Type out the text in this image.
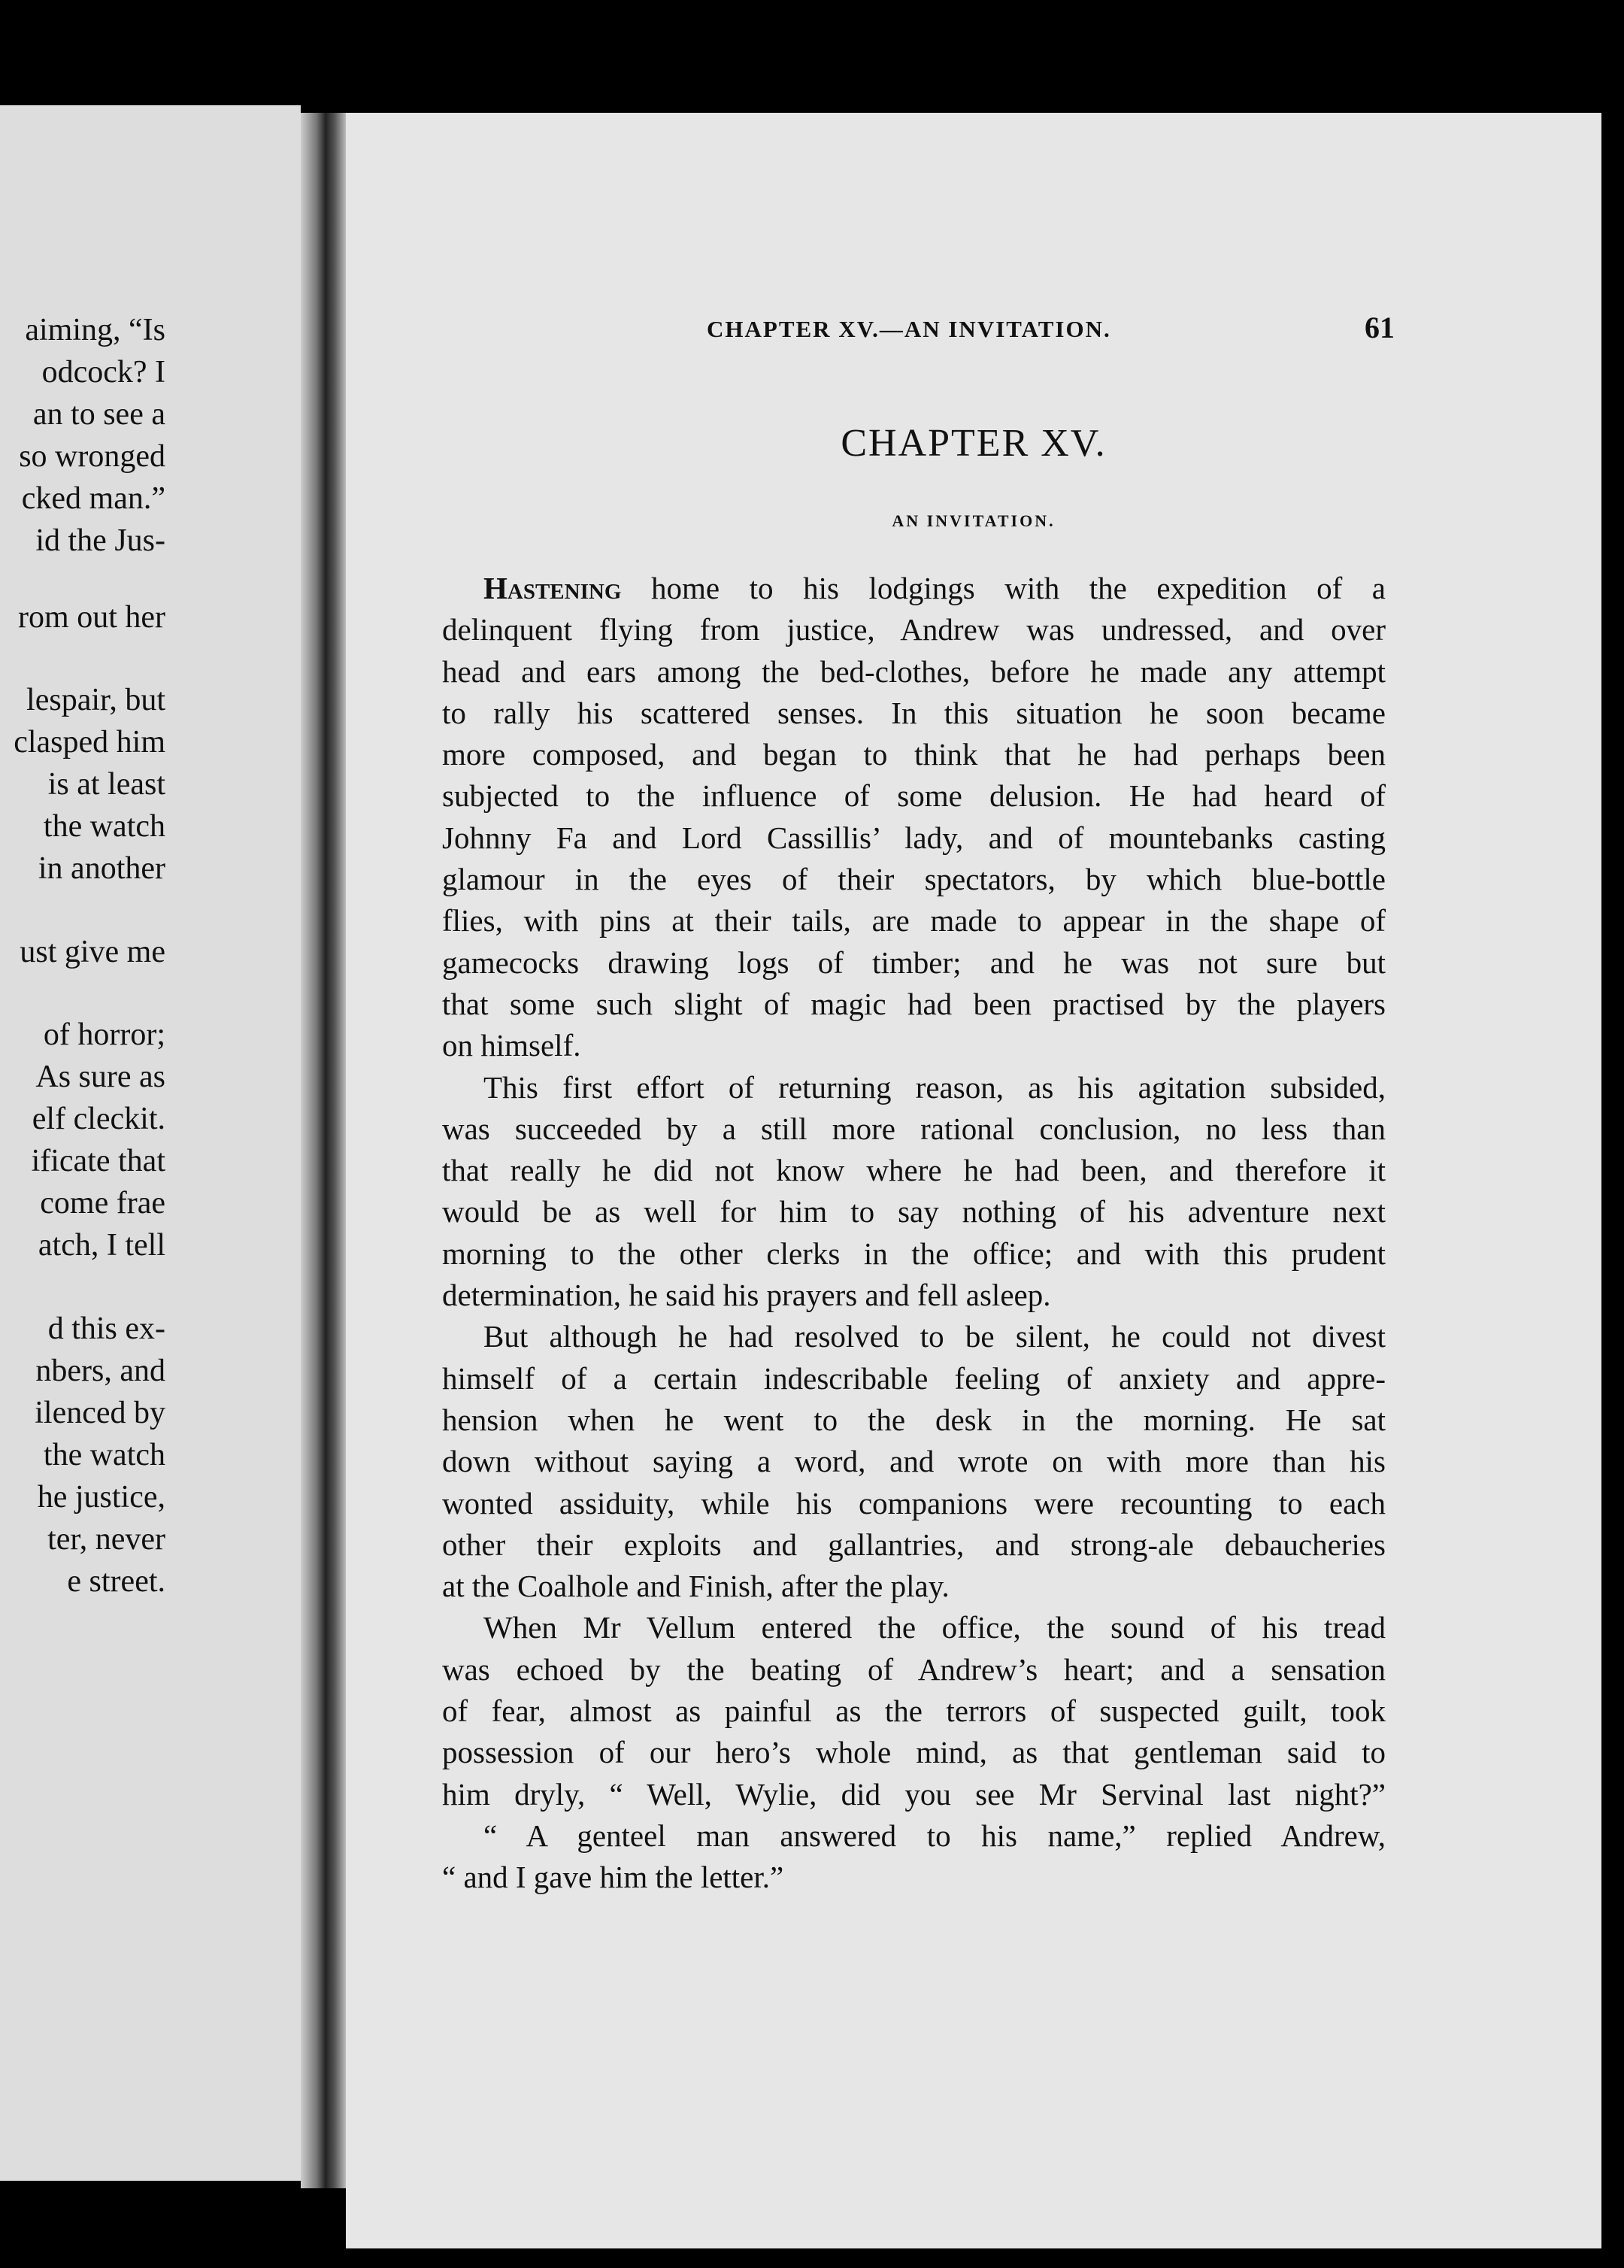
aiming, “Is
odcock? I
an to see a
so wronged
cked man.”
id the Jus-
rom out her
lespair, but
clasped him
is at least
the watch
in another
ust give me
of horror;
As sure as
elf cleckit.
ificate that
come frae
atch, I tell
d this ex-
nbers, and
ilenced by
the watch
he justice,
ter, never
e street.
CHAPTER XV.—AN INVITATION.	61
CHAPTER XV.
AN INVITATION.
Hastening home to his lodgings with the expedition of a
delinquent flying from justice, Andrew was undressed, and over
head and ears among the bed-clothes, before he made any attempt
to rally his scattered senses. In this situation he soon became
more composed, and began to think that he had perhaps been
subjected to the influence of some delusion. He had heard of
Johnny Fa and Lord Cassillis’ lady, and of mountebanks casting
glamour in the eyes of their spectators, by which blue-bottle
flies, with pins at their tails, are made to appear in the shape of
gamecocks drawing logs of timber; and he was not sure but
that some such slight of magic had been practised by the players
on himself.
This first effort of returning reason, as his agitation subsided,
was succeeded by a still more rational conclusion, no less than
that really he did not know where he had been, and therefore it
would be as well for him to say nothing of his adventure next
morning to the other clerks in the office; and with this prudent
determination, he said his prayers and fell asleep.
But although he had resolved to be silent, he could not divest
himself of a certain indescribable feeling of anxiety and appre-
hension when he went to the desk in the morning. He sat
down without saying a word, and wrote on with more than his
wonted assiduity, while his companions were recounting to each
other their exploits and gallantries, and strong-ale debaucheries
at the Coalhole and Finish, after the play.
When Mr Vellum entered the office, the sound of his tread
was echoed by the beating of Andrew’s heart; and a sensation
of fear, almost as painful as the terrors of suspected guilt, took
possession of our hero’s whole mind, as that gentleman said to
him dryly, “ Well, Wylie, did you see Mr Servinal last night?”
“ A genteel man answered to his name,” replied Andrew,
“ and I gave him the letter.”
